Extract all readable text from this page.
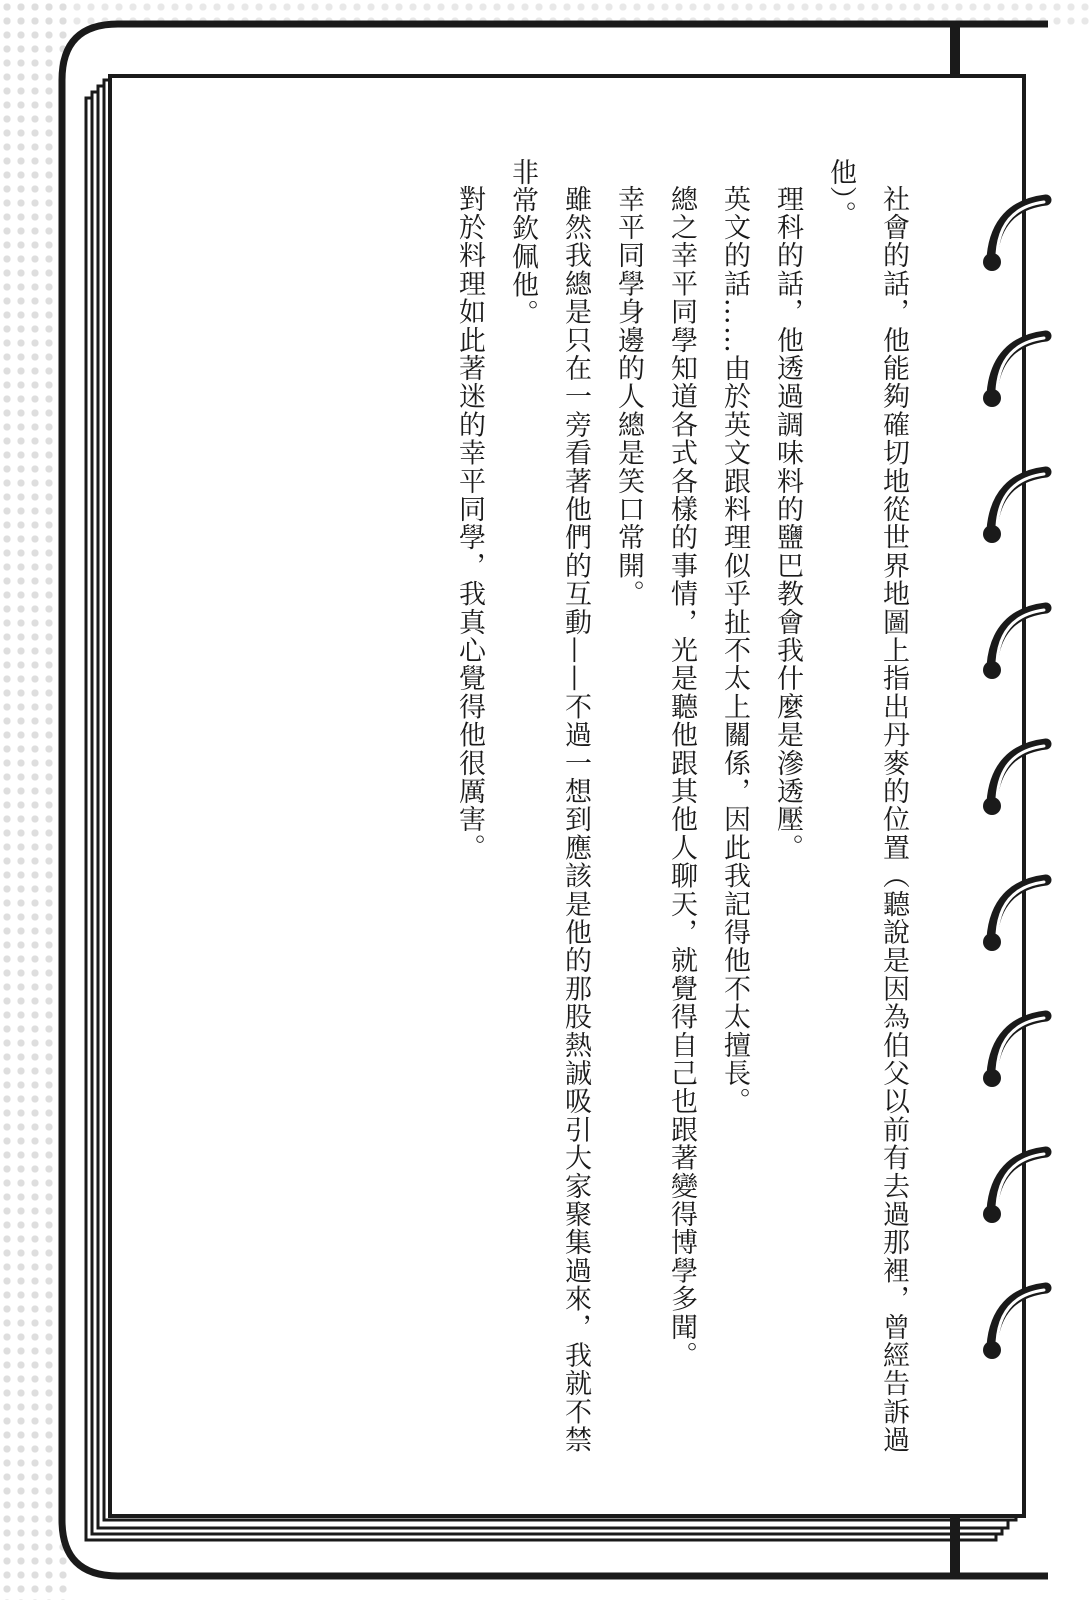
社會的話，他能夠確切地從世界地圖上指出丹麥的位置（聽說是因為伯父以前有去過那裡，曾經告訴過他）。

理科的話，他透過調味料的鹽巴教會我什麼是滲透壓。

英文的話……由於英文跟料理似乎扯不太上關係，因此我記得他不太擅長。

總之幸平同學知道各式各樣的事情，光是聽他跟其他人聊天，就覺得自己也跟著變得博學多聞。

幸平同學身邊的人總是笑口常開。

雖然我總是只在一旁看著他們的互動——不過一想到應該是他的那股熱誠吸引大家聚集過來，我就不禁非常欽佩他。

對於料理如此著迷的幸平同學，我真心覺得他很厲害。
